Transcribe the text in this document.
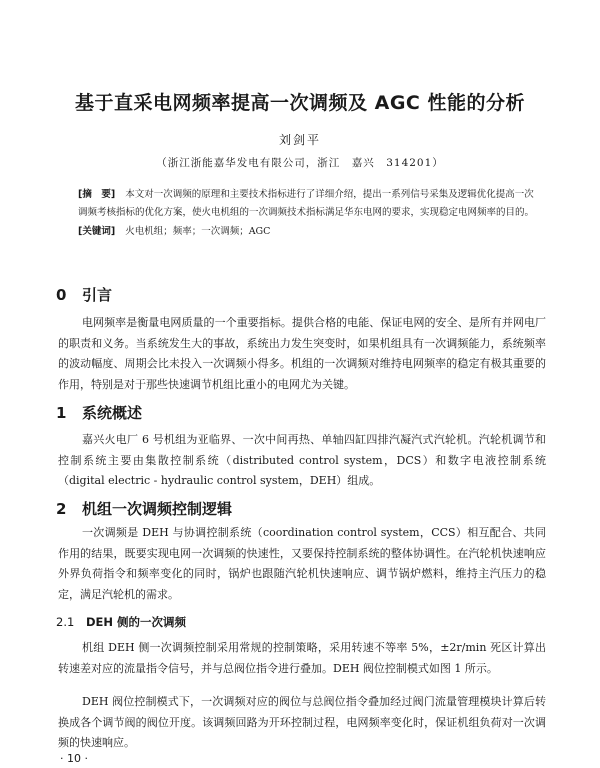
基于直采电网频率提高一次调频及 AGC 性能的分析
刘剑平
（浙江浙能嘉华发电有限公司，浙江　嘉兴　314201）
[摘　要] 本文对一次调频的原理和主要技术指标进行了详细介绍，提出一系列信号采集及逻辑优化提高一次调频考核指标的优化方案，使火电机组的一次调频技术指标满足华东电网的要求，实现稳定电网频率的目的。
[关键词] 火电机组；频率；一次调频；AGC
0 引言
电网频率是衡量电网质量的一个重要指标。提供合格的电能、保证电网的安全、是所有并网电厂的职责和义务。当系统发生大的事故，系统出力发生突变时，如果机组具有一次调频能力，系统频率的波动幅度、周期会比未投入一次调频小得多。机组的一次调频对维持电网频率的稳定有极其重要的作用，特别是对于那些快速调节机组比重小的电网尤为关键。
1 系统概述
嘉兴火电厂 6 号机组为亚临界、一次中间再热、单轴四缸四排汽凝汽式汽轮机。汽轮机调节和控制系统主要由集散控制系统（distributed control system，DCS）和数字电液控制系统（digital electric - hydraulic control system，DEH）组成。
2 机组一次调频控制逻辑
一次调频是 DEH 与协调控制系统（coordination control system，CCS）相互配合、共同作用的结果，既要实现电网一次调频的快速性，又要保持控制系统的整体协调性。在汽轮机快速响应外界负荷指令和频率变化的同时，锅炉也跟随汽轮机快速响应、调节锅炉燃料，维持主汽压力的稳定，满足汽轮机的需求。
2.1 DEH 侧的一次调频
机组 DEH 侧一次调频控制采用常规的控制策略，采用转速不等率 5%，±2r/min 死区计算出转速差对应的流量指令信号，并与总阀位指令进行叠加。DEH 阀位控制模式如图 1 所示。
DEH 阀位控制模式下，一次调频对应的阀位与总阀位指令叠加经过阀门流量管理模块计算后转换成各个调节阀的阀位开度。该调频回路为开环控制过程，电网频率变化时，保证机组负荷对一次调频的快速响应。
· 10 ·
